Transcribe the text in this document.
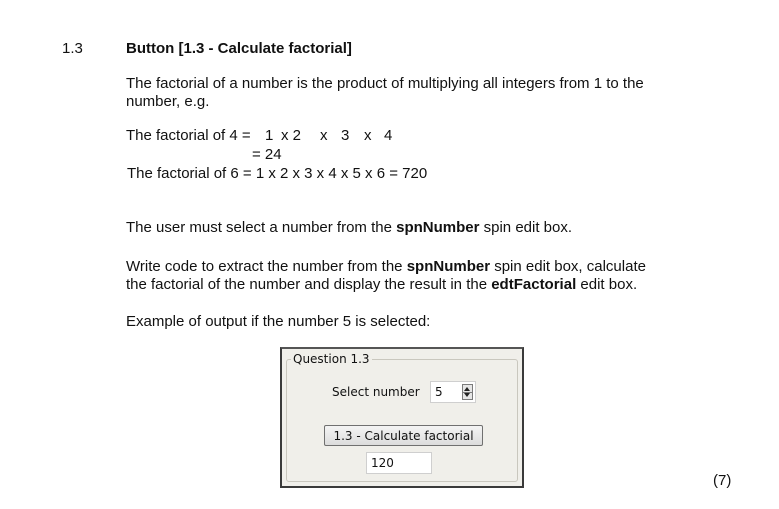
1.3	Button [1.3 - Calculate factorial]
The factorial of a number is the product of multiplying all integers from 1 to the
number, e.g.
The factorial of 4 = 1 x 2 x 3 x 4
= 24
The factorial of 6 = 1 x 2 x 3 x 4 x 5 x 6 = 720
The user must select a number from the spnNumber spin edit box.
Write code to extract the number from the spnNumber spin edit box, calculate
the factorial of the number and display the result in the edtFactorial edit box.
Example of output if the number 5 is selected:
Question 1.3
Select number 5
1.3 - Calculate factorial
120
(7)
